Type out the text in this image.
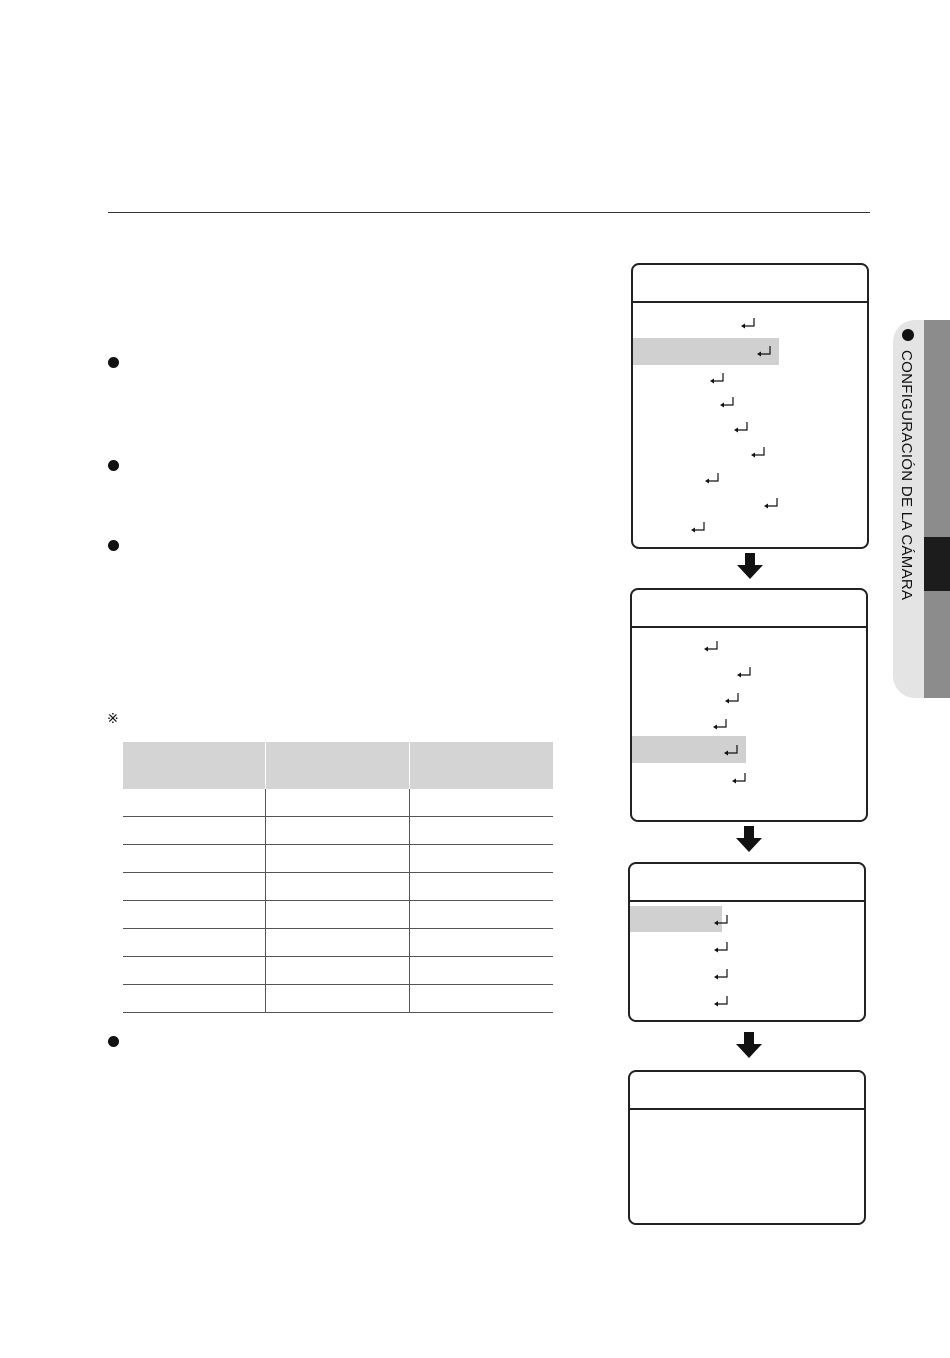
※

CONFIGURACIÓN DE LA CÁMARA
